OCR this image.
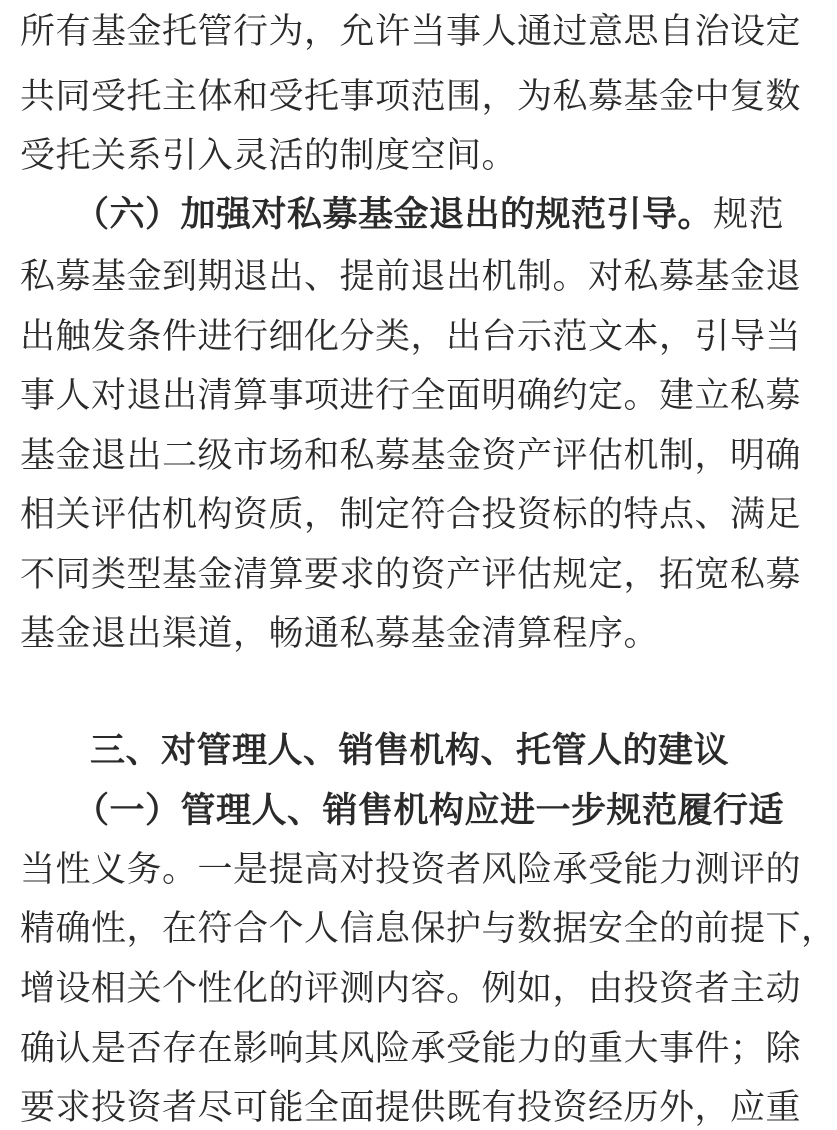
所有基金托管行为，允许当事人通过意思自治设定
共同受托主体和受托事项范围，为私募基金中复数
受托关系引入灵活的制度空间。
（六）加强对私募基金退出的规范引导。规范
私募基金到期退出、提前退出机制。对私募基金退
出触发条件进行细化分类，出台示范文本，引导当
事人对退出清算事项进行全面明确约定。建立私募
基金退出二级市场和私募基金资产评估机制，明确
相关评估机构资质，制定符合投资标的特点、满足
不同类型基金清算要求的资产评估规定，拓宽私募
基金退出渠道，畅通私募基金清算程序。
三、对管理人、销售机构、托管人的建议
（一）管理人、销售机构应进一步规范履行适
当性义务。一是提高对投资者风险承受能力测评的
精确性，在符合个人信息保护与数据安全的前提下，
增设相关个性化的评测内容。例如，由投资者主动
确认是否存在影响其风险承受能力的重大事件；除
要求投资者尽可能全面提供既有投资经历外，应重
